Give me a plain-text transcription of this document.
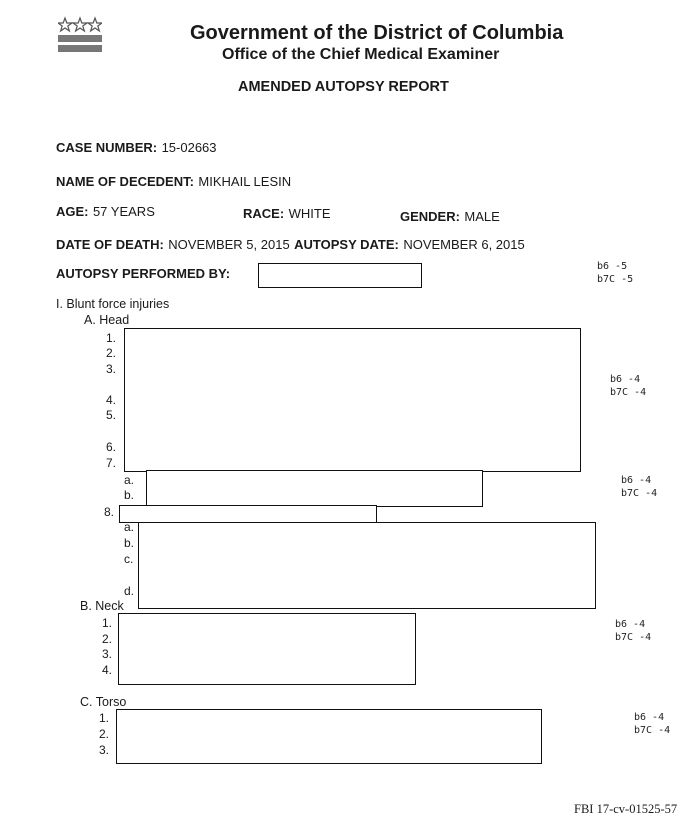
Government of the District of Columbia
Office of the Chief Medical Examiner
AMENDED AUTOPSY REPORT
CASE NUMBER: 15-02663
NAME OF DECEDENT: MIKHAIL LESIN
AGE: 57 YEARS	RACE: WHITE	GENDER: MALE
DATE OF DEATH: NOVEMBER 5, 2015 AUTOPSY DATE: NOVEMBER 6, 2015
AUTOPSY PERFORMED BY:	b6 -5
b7C -5
b6 -4
b7C -4
b6 -4
b7C -4
b6 -4
b7C -4
b6 -4
b7C -4
I. Blunt force injuries
A. Head
1.
2.
3.
4.
5.
6.
7.
a.
b.
8.
a.
b.
c.
d.
B. Neck
1.
2.
3.
4.
C. Torso
1.
2.
3.
FBI 17-cv-01525-57
